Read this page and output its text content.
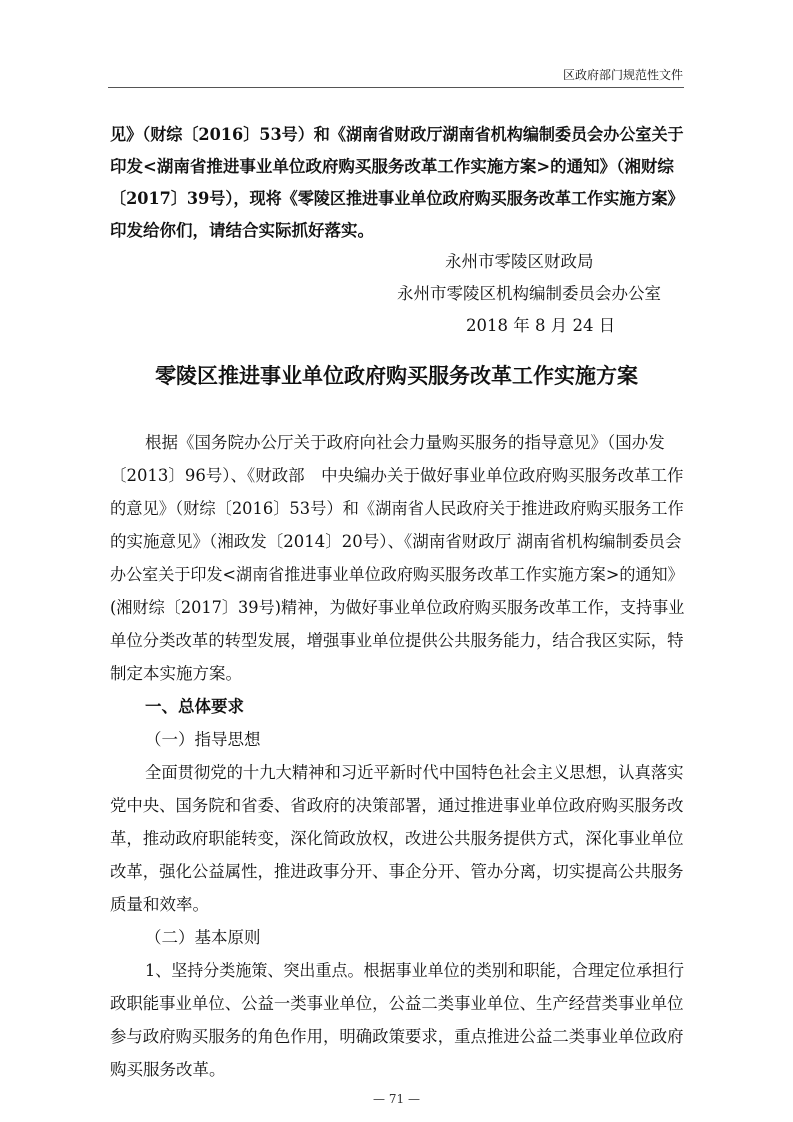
区政府部门规范性文件
见》（财综〔2016〕53号）和《湖南省财政厅湖南省机构编制委员会办公室关于
印发<湖南省推进事业单位政府购买服务改革工作实施方案>的通知》（湘财综
〔2017〕39号），现将《零陵区推进事业单位政府购买服务改革工作实施方案》
印发给你们，请结合实际抓好落实。
永州市零陵区财政局
永州市零陵区机构编制委员会办公室
2018 年 8 月 24 日
零陵区推进事业单位政府购买服务改革工作实施方案
根据《国务院办公厅关于政府向社会力量购买服务的指导意见》（国办发
〔2013〕96号）、《财政部　中央编办关于做好事业单位政府购买服务改革工作
的意见》（财综〔2016〕53号）和《湖南省人民政府关于推进政府购买服务工作
的实施意见》（湘政发〔2014〕20号）、《湖南省财政厅 湖南省机构编制委员会
办公室关于印发<湖南省推进事业单位政府购买服务改革工作实施方案>的通知》
(湘财综〔2017〕39号)精神，为做好事业单位政府购买服务改革工作，支持事业
单位分类改革的转型发展，增强事业单位提供公共服务能力，结合我区实际，特
制定本实施方案。
一、总体要求
（一）指导思想
全面贯彻党的十九大精神和习近平新时代中国特色社会主义思想，认真落实
党中央、国务院和省委、省政府的决策部署，通过推进事业单位政府购买服务改
革，推动政府职能转变，深化简政放权，改进公共服务提供方式，深化事业单位
改革，强化公益属性，推进政事分开、事企分开、管办分离，切实提高公共服务
质量和效率。
（二）基本原则
1、坚持分类施策、突出重点。根据事业单位的类别和职能，合理定位承担行
政职能事业单位、公益一类事业单位，公益二类事业单位、生产经营类事业单位
参与政府购买服务的角色作用，明确政策要求，重点推进公益二类事业单位政府
购买服务改革。
— 71 —
